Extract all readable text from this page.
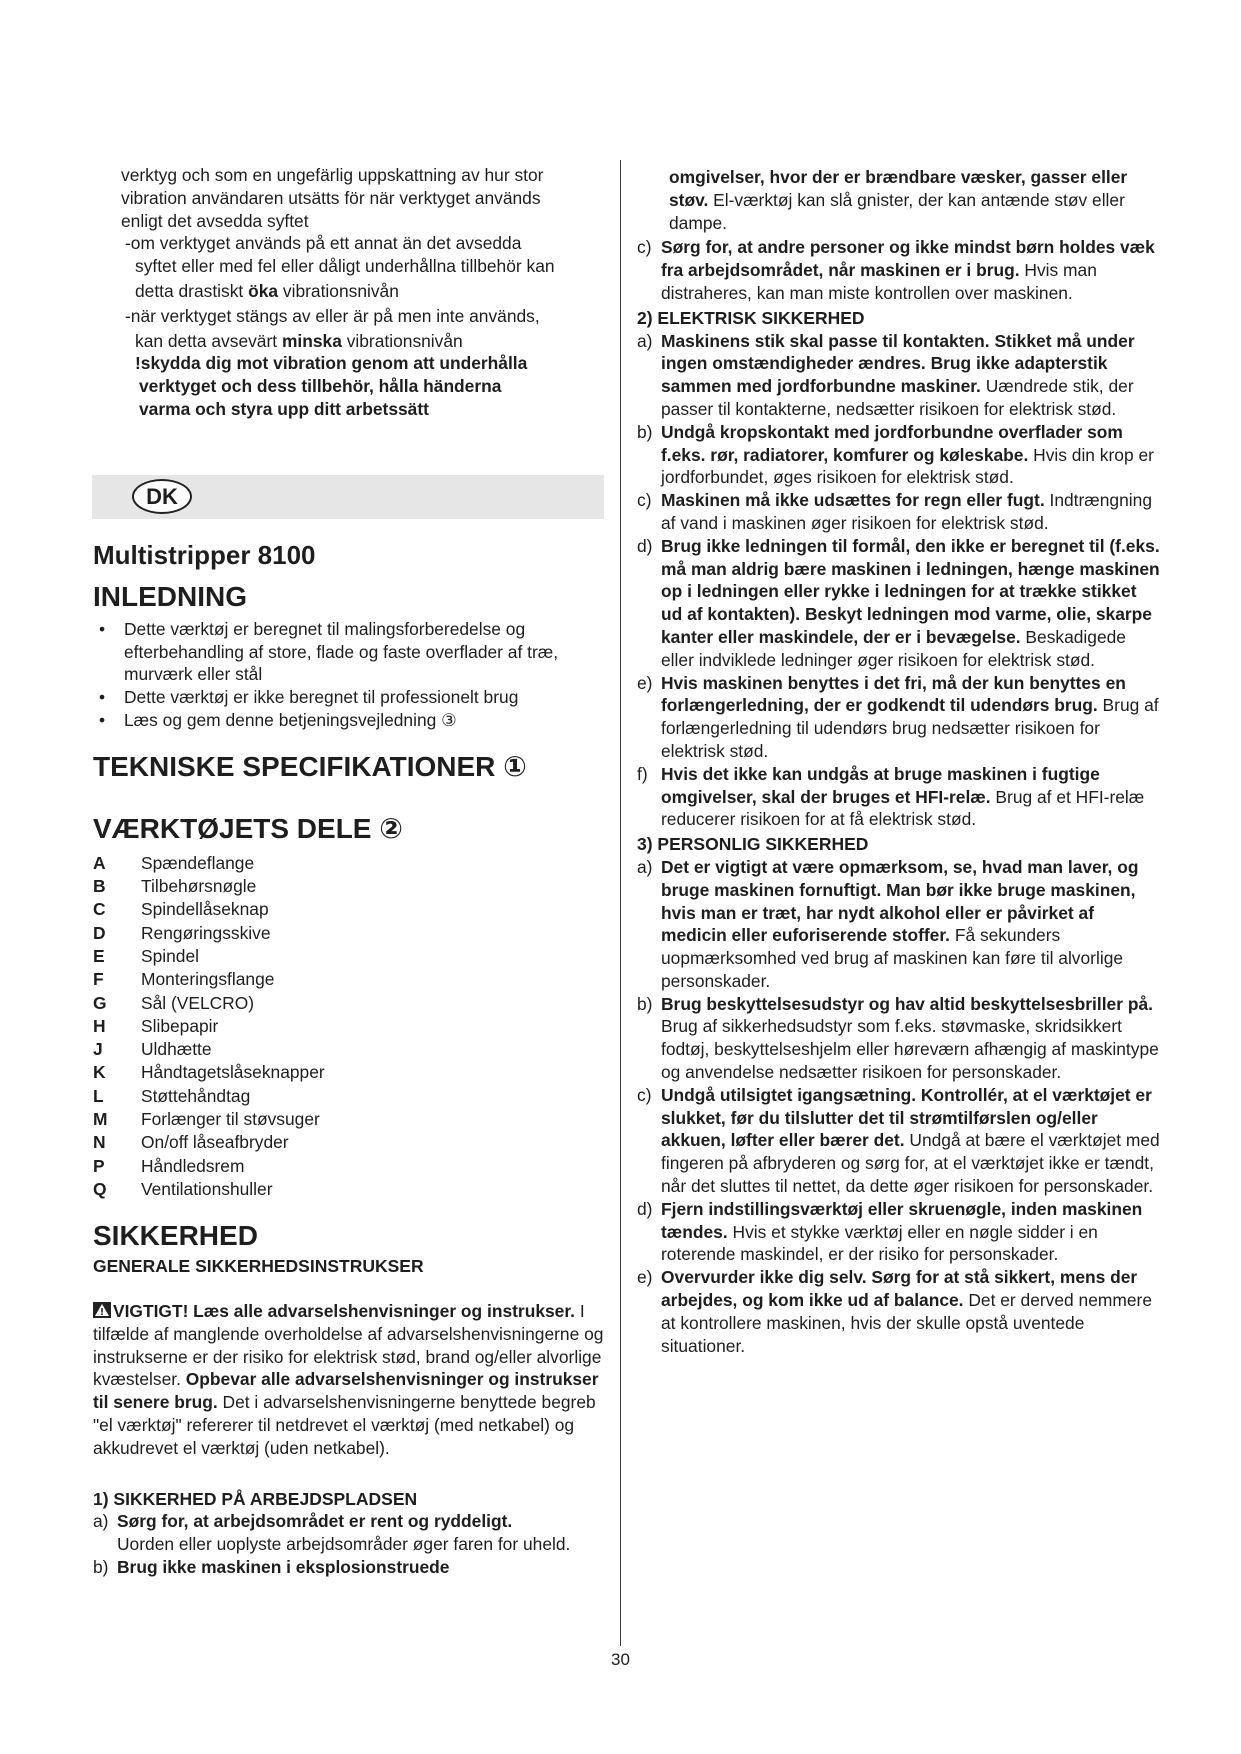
verktyg och som en ungefärlig uppskattning av hur stor

vibration användaren utsätts för när verktyget används

enligt det avsedda syftet

-om verktyget används på ett annat än det avsedda

syftet eller med fel eller dåligt underhållna tillbehör kan

detta drastiskt öka vibrationsnivån

-när verktyget stängs av eller är på men inte används,

kan detta avsevärt minska vibrationsnivån

!skydda dig mot vibration genom att underhålla

verktyget och dess tillbehör, hålla händerna

varma och styra upp ditt arbetssätt

DK
Multistripper 8100
INLEDNING
• Dette værktøj er beregnet til malingsforberedelse og efterbehandling af store, flade og faste overflader af træ, murværk eller stål
• Dette værktøj er ikke beregnet til professionelt brug
• Læs og gem denne betjeningsvejledning ③
TEKNISKE SPECIFIKATIONER ①
VÆRKTØJETS DELE ②
A	Spændeflange
B	Tilbehørsnøgle
C	Spindellåseknap
D	Rengøringsskive
E	Spindel
F	Monteringsflange
G	Sål (VELCRO)
H	Slibepapir
J	Uldhætte
K	Håndtagetslåseknapper
L	Støttehåndtag
M	Forlænger til støvsuger
N	On/off låseafbryder
P	Håndledsrem
Q	Ventilationshuller
SIKKERHED
GENERALE SIKKERHEDSINSTRUKSER
VIGTIGT! Læs alle advarselshenvisninger og instrukser. I tilfælde af manglende overholdelse af advarselshenvisningerne og instrukserne er der risiko for elektrisk stød, brand og/eller alvorlige kvæstelser. Opbevar alle advarselshenvisninger og instrukser til senere brug. Det i advarselshenvisningerne benyttede begreb "el værktøj" refererer til netdrevet el værktøj (med netkabel) og akkudrevet el værktøj (uden netkabel).
1) SIKKERHED PÅ ARBEJDSPLADSEN
a) Sørg for, at arbejdsområdet er rent og ryddeligt.
Uorden eller uoplyste arbejdsområder øger faren for uheld.
b) Brug ikke maskinen i eksplosionstruede
omgivelser, hvor der er brændbare væsker, gasser eller støv. El-værktøj kan slå gnister, der kan antænde støv eller dampe.
c) Sørg for, at andre personer og ikke mindst børn holdes væk fra arbejdsområdet, når maskinen er i brug. Hvis man distraheres, kan man miste kontrollen over maskinen.
2) ELEKTRISK SIKKERHED
a) Maskinens stik skal passe til kontakten. Stikket må under ingen omstændigheder ændres. Brug ikke adapterstik sammen med jordforbundne maskiner. Uændrede stik, der passer til kontakterne, nedsætter risikoen for elektrisk stød.
b) Undgå kropskontakt med jordforbundne overflader som f.eks. rør, radiatorer, komfurer og køleskabe. Hvis din krop er jordforbundet, øges risikoen for elektrisk stød.
c) Maskinen må ikke udsættes for regn eller fugt. Indtrængning af vand i maskinen øger risikoen for elektrisk stød.
d) Brug ikke ledningen til formål, den ikke er beregnet til (f.eks. må man aldrig bære maskinen i ledningen, hænge maskinen op i ledningen eller rykke i ledningen for at trække stikket ud af kontakten). Beskyt ledningen mod varme, olie, skarpe kanter eller maskindele, der er i bevægelse. Beskadigede eller indviklede ledninger øger risikoen for elektrisk stød.
e) Hvis maskinen benyttes i det fri, må der kun benyttes en forlængerledning, der er godkendt til udendørs brug. Brug af forlængerledning til udendørs brug nedsætter risikoen for elektrisk stød.
f) Hvis det ikke kan undgås at bruge maskinen i fugtige omgivelser, skal der bruges et HFI-relæ. Brug af et HFI-relæ reducerer risikoen for at få elektrisk stød.
3) PERSONLIG SIKKERHED
a) Det er vigtigt at være opmærksom, se, hvad man laver, og bruge maskinen fornuftigt. Man bør ikke bruge maskinen, hvis man er træt, har nydt alkohol eller er påvirket af medicin eller euforiserende stoffer. Få sekunders uopmærksomhed ved brug af maskinen kan føre til alvorlige personskader.
b) Brug beskyttelsesudstyr og hav altid beskyttelsesbriller på. Brug af sikkerhedsudstyr som f.eks. støvmaske, skridsikkert fodtøj, beskyttelseshjelm eller høreværn afhængig af maskintype og anvendelse nedsætter risikoen for personskader.
c) Undgå utilsigtet igangsætning. Kontrollér, at el værktøjet er slukket, før du tilslutter det til strømtilførslen og/eller akkuen, løfter eller bærer det. Undgå at bære el værktøjet med fingeren på afbryderen og sørg for, at el værktøjet ikke er tændt, når det sluttes til nettet, da dette øger risikoen for personskader.
d) Fjern indstillingsværktøj eller skruenøgle, inden maskinen tændes. Hvis et stykke værktøj eller en nøgle sidder i en roterende maskindel, er der risiko for personskader.
e) Overvurder ikke dig selv. Sørg for at stå sikkert, mens der arbejdes, og kom ikke ud af balance. Det er derved nemmere at kontrollere maskinen, hvis der skulle opstå uventede situationer.
30
